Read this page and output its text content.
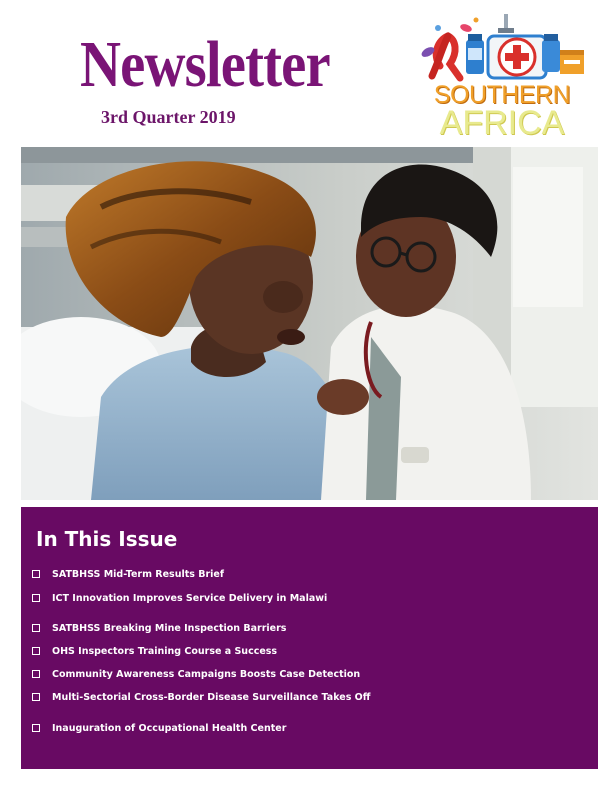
Newsletter
3rd Quarter 2019
SOUTHERN
AFRICA
In This Issue
SATBHSS Mid-Term Results Brief
ICT Innovation Improves Service Delivery in Malawi
SATBHSS Breaking Mine Inspection Barriers
OHS Inspectors Training Course a Success
Community Awareness Campaigns Boosts Case Detection
Multi-Sectorial Cross-Border Disease Surveillance Takes Off
Inauguration of Occupational Health Center
